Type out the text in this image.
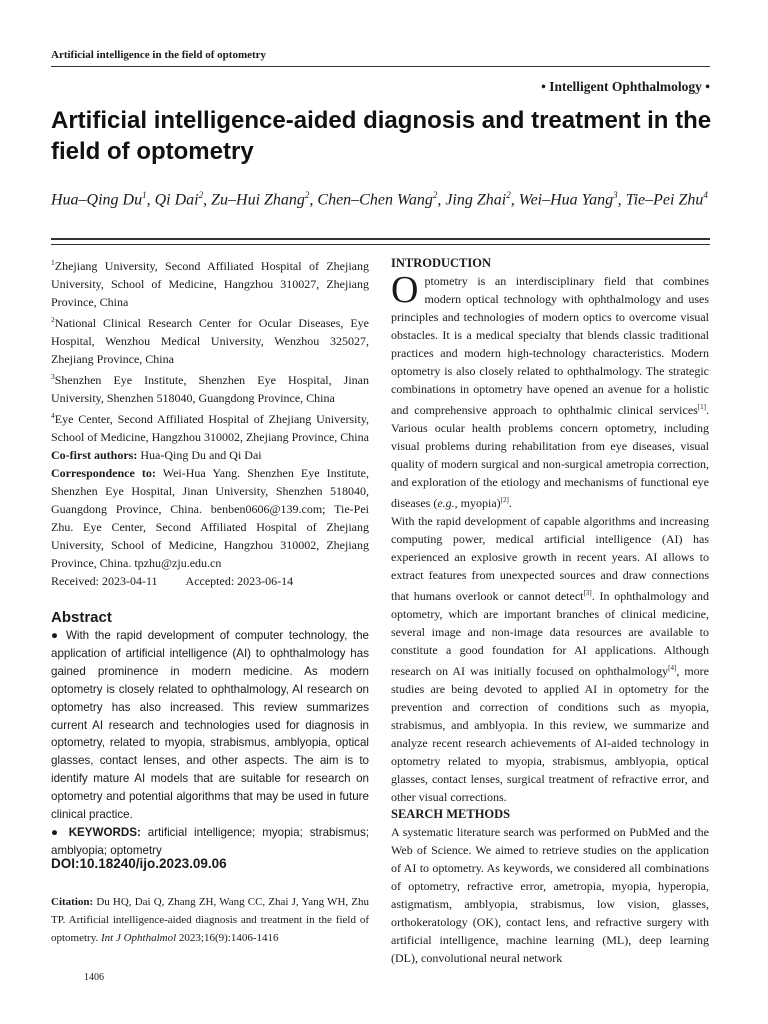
Artificial intelligence in the field of optometry
• Intelligent Ophthalmology •
Artificial intelligence-aided diagnosis and treatment in the field of optometry
Hua–Qing Du$^1$, Qi Dai$^2$, Zu–Hui Zhang$^2$, Chen–Chen Wang$^2$, Jing Zhai$^2$, Wei–Hua Yang$^3$, Tie–Pei Zhu$^4$

$^1$Zhejiang University, Second Affiliated Hospital of Zhejiang University, School of Medicine, Hangzhou 310027, Zhejiang Province, China

$^2$National Clinical Research Center for Ocular Diseases, Eye Hospital, Wenzhou Medical University, Wenzhou 325027, Zhejiang Province, China

$^3$Shenzhen Eye Institute, Shenzhen Eye Hospital, Jinan University, Shenzhen 518040, Guangdong Province, China

$^4$Eye Center, Second Affiliated Hospital of Zhejiang University, School of Medicine, Hangzhou 310002, Zhejiang Province, China

Co-first authors: Hua-Qing Du and Qi Dai

Correspondence to: Wei-Hua Yang. Shenzhen Eye Institute, Shenzhen Eye Hospital, Jinan University, Shenzhen 518040, Guangdong Province, China. benben0606@139.com; Tie-Pei Zhu. Eye Center, Second Affiliated Hospital of Zhejiang University, School of Medicine, Hangzhou 310002, Zhejiang Province, China. tpzhu@zju.edu.cn

Received: 2023-04-11 Accepted: 2023-06-14

Abstract

● With the rapid development of computer technology, the application of artificial intelligence (AI) to ophthalmology has gained prominence in modern medicine. As modern optometry is closely related to ophthalmology, AI research on optometry has also increased. This review summarizes current AI research and technologies used for diagnosis in optometry, related to myopia, strabismus, amblyopia, optical glasses, contact lenses, and other aspects. The aim is to identify mature AI models that are suitable for research on optometry and potential algorithms that may be used in future clinical practice.

● KEYWORDS: artificial intelligence; myopia; strabismus; amblyopia; optometry

DOI:10.18240/ijo.2023.09.06
Citation: Du HQ, Dai Q, Zhang ZH, Wang CC, Zhai J, Yang WH, Zhu TP. Artificial intelligence-aided diagnosis and treatment in the field of optometry. Int J Ophthalmol 2023;16(9):1406-1416
1406

INTRODUCTION

Optometry is an interdisciplinary field that combines modern optical technology with ophthalmology and uses principles and technologies of modern optics to overcome visual obstacles. It is a medical specialty that blends classic traditional practices and modern high-technology characteristics. Modern optometry is also closely related to ophthalmology. The strategic combinations in optometry have opened an avenue for a holistic and comprehensive approach to ophthalmic clinical services[1]. Various ocular health problems concern optometry, including visual problems during rehabilitation from eye diseases, visual quality of modern surgical and non-surgical ametropia correction, and exploration of the etiology and mechanisms of functional eye diseases (e.g., myopia)[2].

With the rapid development of capable algorithms and increasing computing power, medical artificial intelligence (AI) has experienced an explosive growth in recent years. AI allows to extract features from unexpected sources and draw connections that humans overlook or cannot detect[3]. In ophthalmology and optometry, which are important branches of clinical medicine, several image and non-image data resources are available to constitute a good foundation for AI applications. Although research on AI was initially focused on ophthalmology[4], more studies are being devoted to applied AI in optometry for the prevention and correction of conditions such as myopia, strabismus, and amblyopia. In this review, we summarize and analyze recent research achievements of AI-aided technology in optometry related to myopia, strabismus, amblyopia, optical glasses, contact lenses, surgical treatment of refractive error, and other visual corrections.

SEARCH METHODS

A systematic literature search was performed on PubMed and the Web of Science. We aimed to retrieve studies on the application of AI to optometry. As keywords, we considered all combinations of optometry, refractive error, ametropia, myopia, hyperopia, astigmatism, amblyopia, strabismus, low vision, glasses, orthokeratology (OK), contact lens, and refractive surgery with artificial intelligence, machine learning (ML), deep learning (DL), convolutional neural network
